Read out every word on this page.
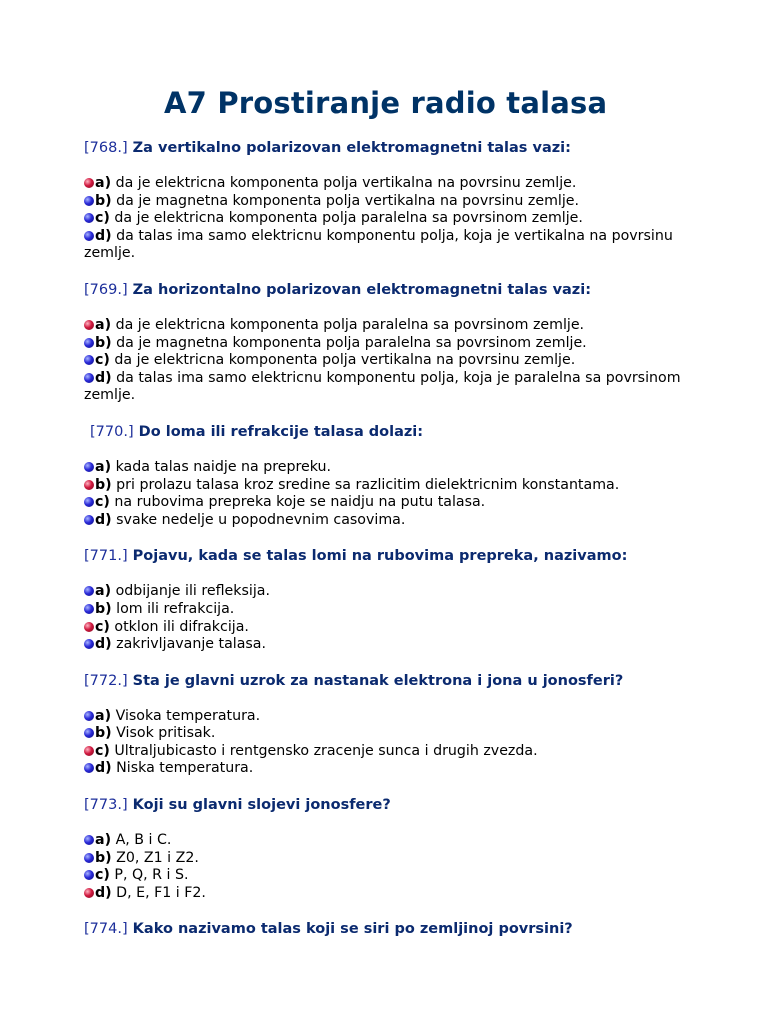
A7 Prostiranje radio talasa
[768.] Za vertikalno polarizovan elektromagnetni talas vazi:
a) da je elektricna komponenta polja vertikalna na povrsinu zemlje.
b) da je magnetna komponenta polja vertikalna na povrsinu zemlje.
c) da je elektricna komponenta polja paralelna sa povrsinom zemlje.
d) da talas ima samo elektricnu komponentu polja, koja je vertikalna na povrsinu zemlje.
[769.] Za horizontalno polarizovan elektromagnetni talas vazi:
a) da je elektricna komponenta polja paralelna sa povrsinom zemlje.
b) da je magnetna komponenta polja paralelna sa povrsinom zemlje.
c) da je elektricna komponenta polja vertikalna na povrsinu zemlje.
d) da talas ima samo elektricnu komponentu polja, koja je paralelna sa povrsinom zemlje.
[770.] Do loma ili refrakcije talasa dolazi:
a) kada talas naidje na prepreku.
b) pri prolazu talasa kroz sredine sa razlicitim dielektricnim konstantama.
c) na rubovima prepreka koje se naidju na putu talasa.
d) svake nedelje u popodnevnim casovima.
[771.] Pojavu, kada se talas lomi na rubovima prepreka, nazivamo:
a) odbijanje ili refleksija.
b) lom ili refrakcija.
c) otklon ili difrakcija.
d) zakrivljavanje talasa.
[772.] Sta je glavni uzrok za nastanak elektrona i jona u jonosferi?
a) Visoka temperatura.
b) Visok pritisak.
c) Ultraljubicasto i rentgensko zracenje sunca i drugih zvezda.
d) Niska temperatura.
[773.] Koji su glavni slojevi jonosfere?
a) A, B i C.
b) Z0, Z1 i Z2.
c) P, Q, R i S.
d) D, E, F1 i F2.
[774.] Kako nazivamo talas koji se siri po zemljinoj povrsini?
